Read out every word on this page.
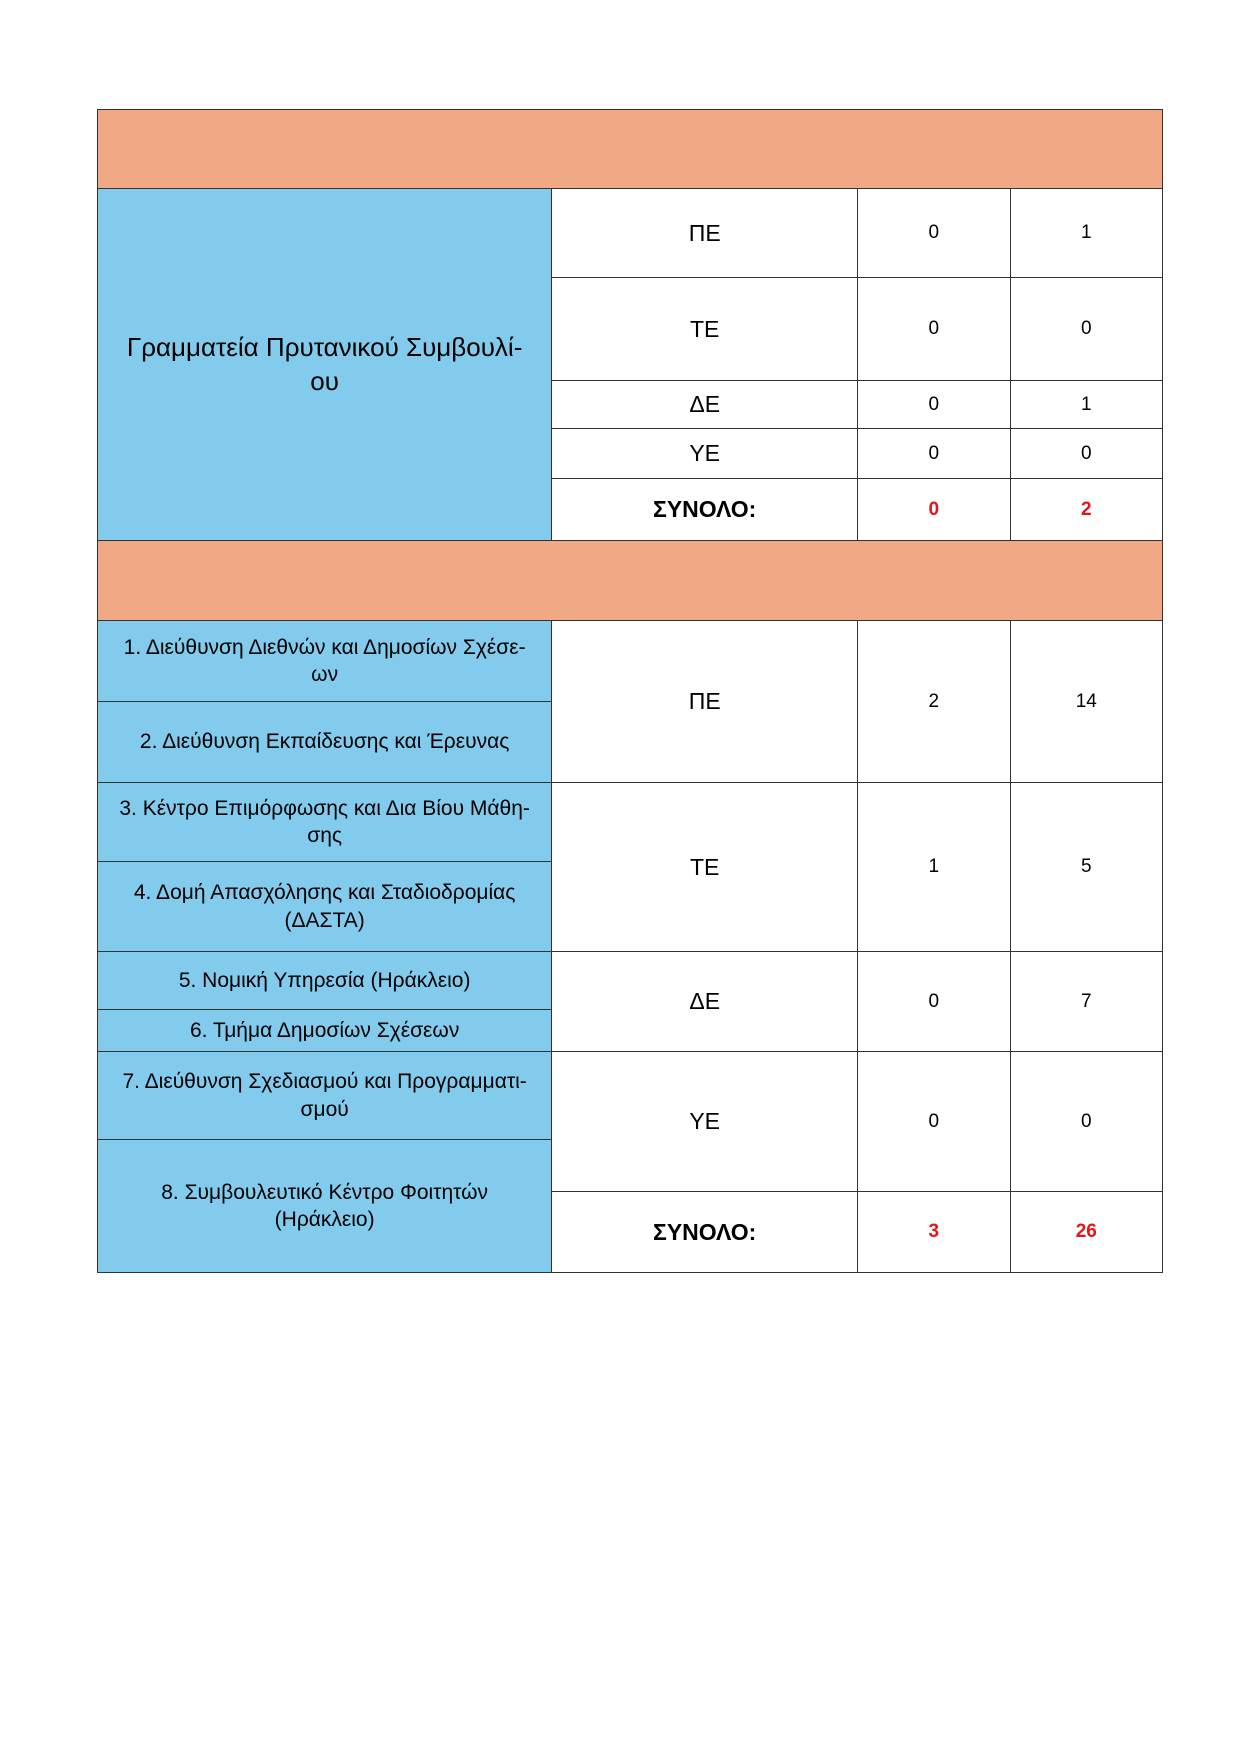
Γραμματεία Πρυτανικού Συμβουλί-
ου	ΠΕ	0	1
	ΤΕ	0	0
	ΔΕ	0	1
	ΥΕ	0	0
	ΣΥΝΟΛΟ:	0	2

1. Διεύθυνση Διεθνών και Δημοσίων Σχέσε-
ων	ΠΕ	2	14

2. Διεύθυνση Εκπαίδευσης και Έρευνας			

3. Κέντρο Επιμόρφωσης και Δια Βίου Μάθη-
σης	ΤΕ	1	5

4. Δομή Απασχόλησης και Σταδιοδρομίας
(ΔΑΣΤΑ)			

5. Νομική Υπηρεσία (Ηράκλειο)	ΔΕ	0	7

6. Τμήμα Δημοσίων Σχέσεων			

7. Διεύθυνση Σχεδιασμού και Προγραμματι-
σμού	ΥΕ	0	0

8. Συμβουλευτικό Κέντρο Φοιτητών
(Ηράκλειο)			

	ΣΥΝΟΛΟ:	3	26
